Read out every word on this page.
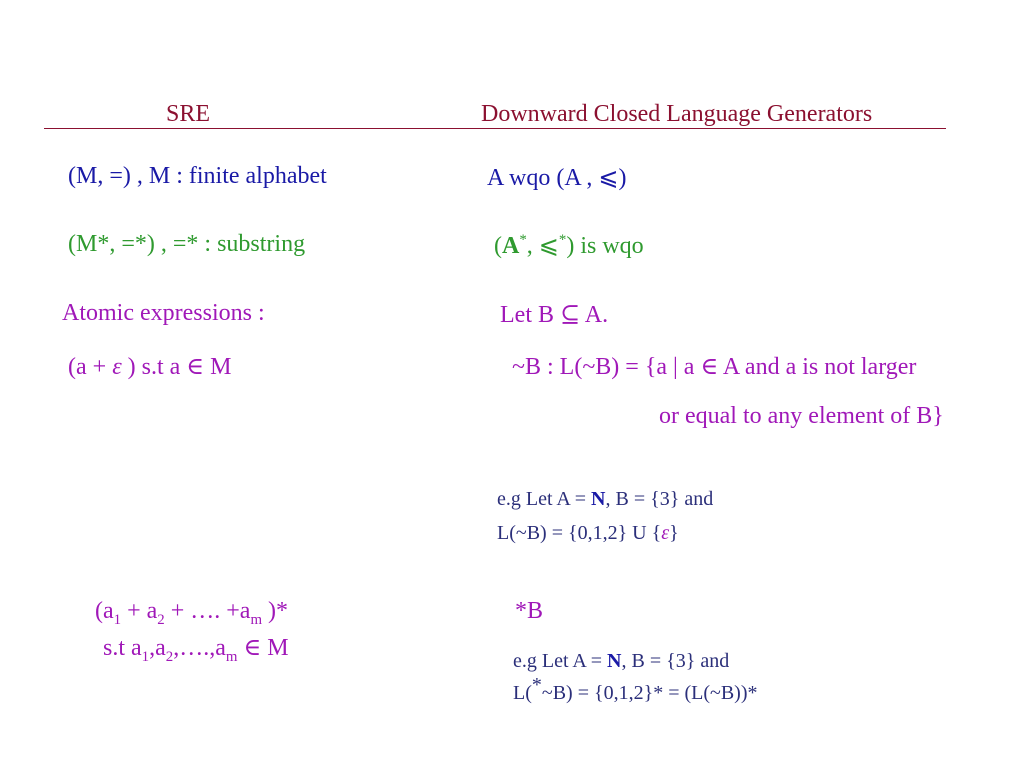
SRE	Downward Closed Language Generators
(M, =) , M : finite alphabet
(M*, =*) , =* : substring
Atomic expressions :
(a + ε ) s.t a ∈ M
($a_1 + a_2$ + …. $+a_m$ )*
s.t $a_1,a_2,\dots.,a_m$ ∈ M
A wqo (A , ⩽)
(A*, ⩽*) is wqo
Let B ⊆ A.
~B : L(~B) = {a | a ∈ A and a is not larger
or equal to any element of B}
e.g Let A = N, B = {3} and
L(~B) = {0,1,2} U {ε}
*B
e.g Let A = N, B = {3} and
L(*~B) = {0,1,2}* = (L(~B))*
